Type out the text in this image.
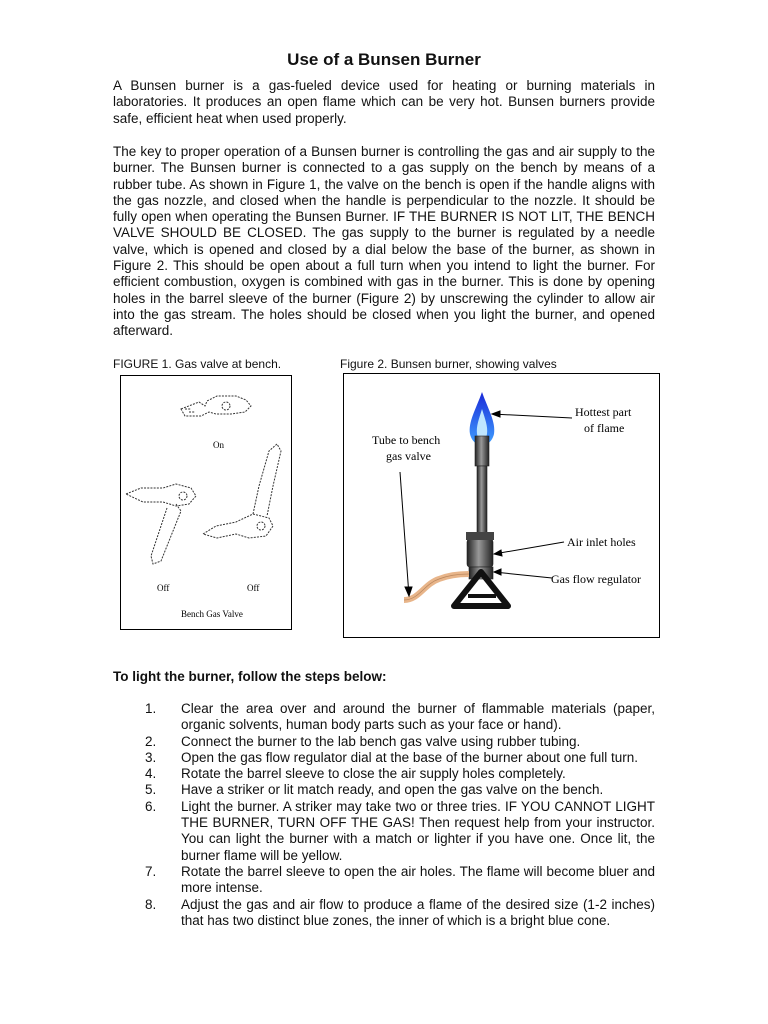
Use of a Bunsen Burner

A Bunsen burner is a gas-fueled device used for heating or burning materials in laboratories. It produces an open flame which can be very hot. Bunsen burners provide safe, efficient heat when used properly.

The key to proper operation of a Bunsen burner is controlling the gas and air supply to the burner. The Bunsen burner is connected to a gas supply on the bench by means of a rubber tube. As shown in Figure 1, the valve on the bench is open if the handle aligns with the gas nozzle, and closed when the handle is perpendicular to the nozzle. It should be fully open when operating the Bunsen Burner. IF THE BURNER IS NOT LIT, THE BENCH VALVE SHOULD BE CLOSED. The gas supply to the burner is regulated by a needle valve, which is opened and closed by a dial below the base of the burner, as shown in Figure 2. This should be open about a full turn when you intend to light the burner. For efficient combustion, oxygen is combined with gas in the burner. This is done by opening holes in the barrel sleeve of the burner (Figure 2) by unscrewing the cylinder to allow air into the gas stream. The holes should be closed when you light the burner, and opened afterward.

FIGURE 1. Gas valve at bench.	Figure 2. Bunsen burner, showing valves
On
Off	Off
Bench Gas Valve
Hottest part
of flame
Tube to bench
gas valve
Air inlet holes
Gas flow regulator
To light the burner, follow the steps below:
1. Clear the area over and around the burner of flammable materials (paper, organic solvents, human body parts such as your face or hand).
2. Connect the burner to the lab bench gas valve using rubber tubing.
3. Open the gas flow regulator dial at the base of the burner about one full turn.
4. Rotate the barrel sleeve to close the air supply holes completely.
5. Have a striker or lit match ready, and open the gas valve on the bench.
6. Light the burner. A striker may take two or three tries. IF YOU CANNOT LIGHT THE BURNER, TURN OFF THE GAS! Then request help from your instructor. You can light the burner with a match or lighter if you have one. Once lit, the burner flame will be yellow.
7. Rotate the barrel sleeve to open the air holes. The flame will become bluer and more intense.
8. Adjust the gas and air flow to produce a flame of the desired size (1-2 inches) that has two distinct blue zones, the inner of which is a bright blue cone.
